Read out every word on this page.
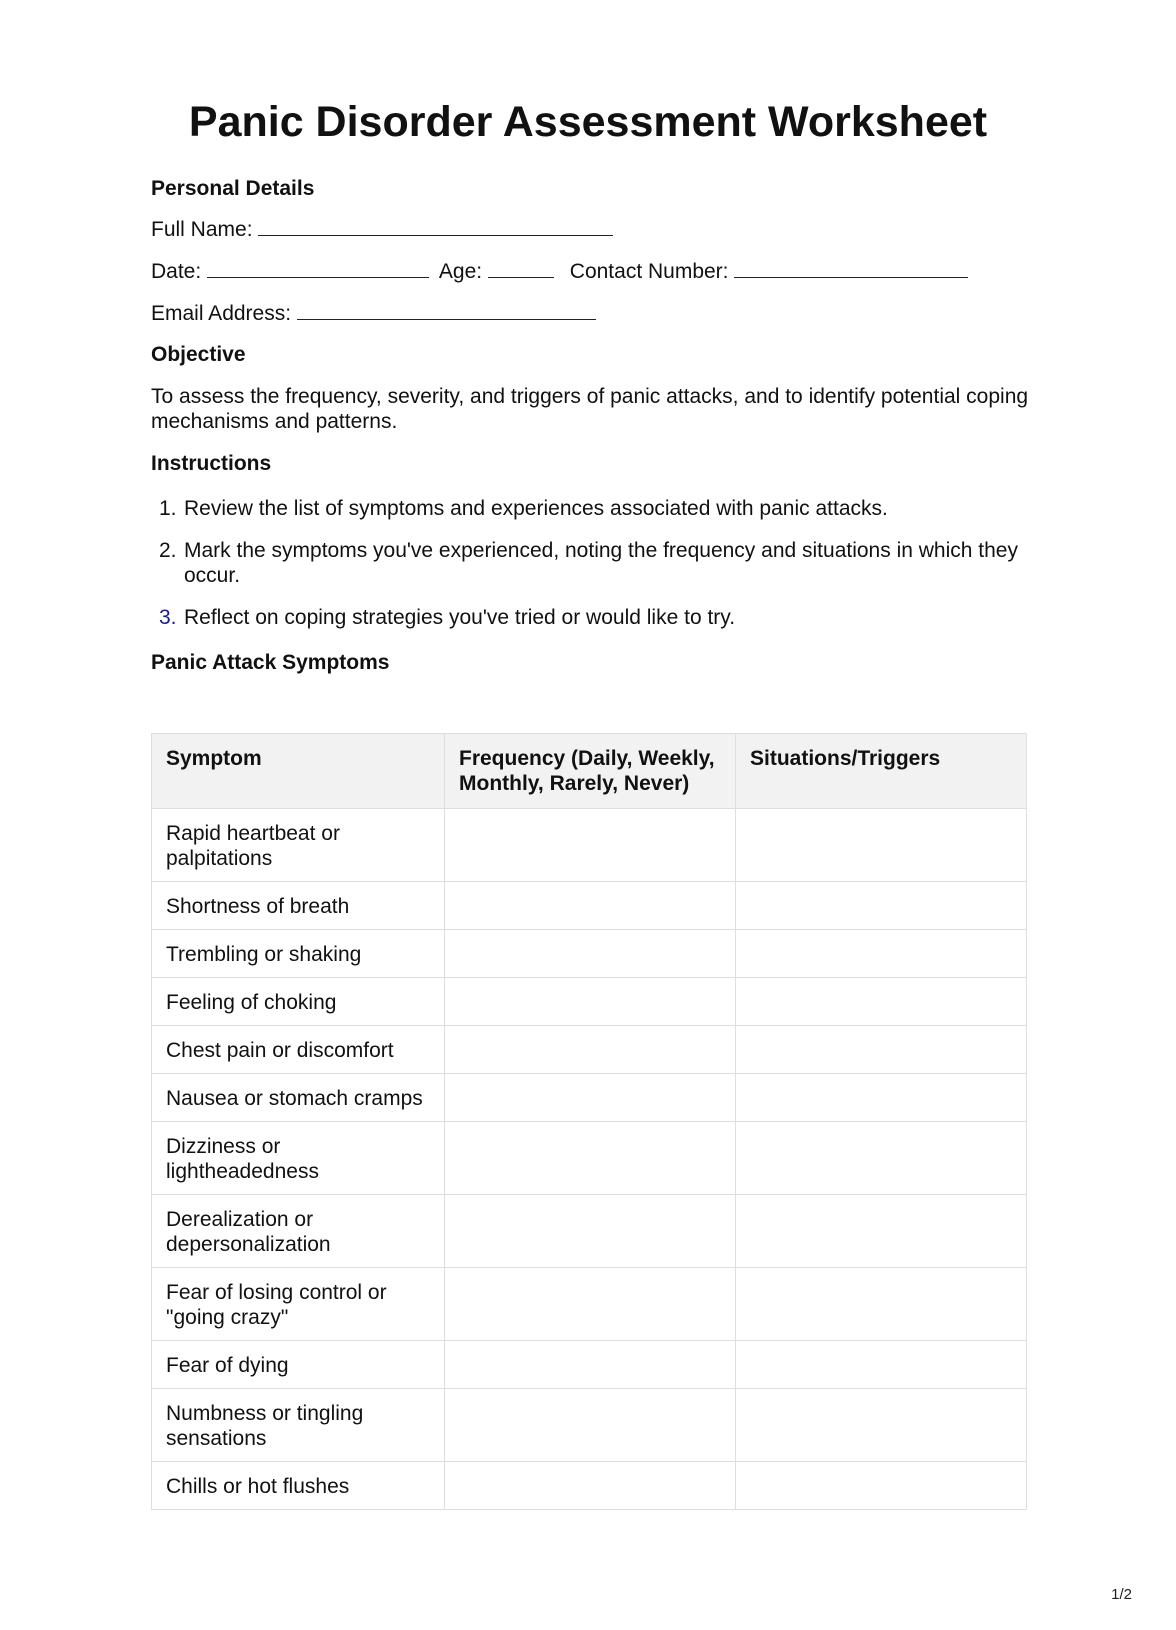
Panic Disorder Assessment Worksheet
Personal Details
Full Name:
Date:	Age:	Contact Number:
Email Address:
Objective
To assess the frequency, severity, and triggers of panic attacks, and to identify potential coping mechanisms and patterns.
Instructions
1. Review the list of symptoms and experiences associated with panic attacks.
2. Mark the symptoms you've experienced, noting the frequency and situations in which they occur.
3. Reflect on coping strategies you've tried or would like to try.
Panic Attack Symptoms
Symptom	Frequency (Daily, Weekly, Monthly, Rarely, Never)	Situations/Triggers
Rapid heartbeat or palpitations		
Shortness of breath		
Trembling or shaking		
Feeling of choking		
Chest pain or discomfort		
Nausea or stomach cramps		
Dizziness or lightheadedness		
Derealization or depersonalization		
Fear of losing control or "going crazy"		
Fear of dying		
Numbness or tingling sensations		
Chills or hot flushes		
1/2
